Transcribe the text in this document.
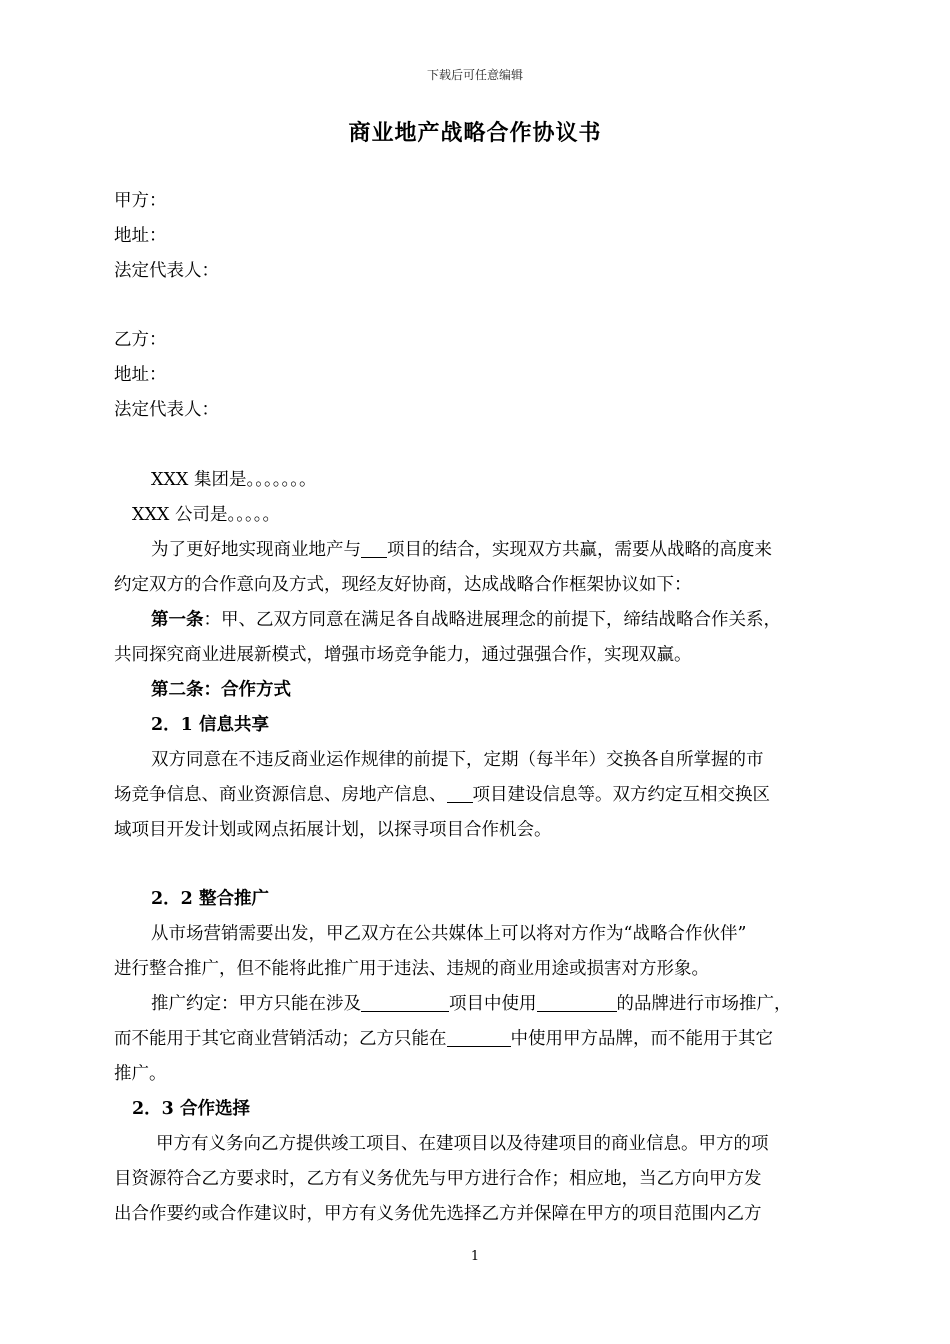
下载后可任意编辑
商业地产战略合作协议书
甲方：
地址：
法定代表人：
乙方：
地址：
法定代表人：
XXX 集团是。。。。。。。
XXX 公司是。。。。。
为了更好地实现商业地产与 项目的结合，实现双方共赢，需要从战略的高度来
约定双方的合作意向及方式，现经友好协商，达成战略合作框架协议如下：
第一条：甲、乙双方同意在满足各自战略进展理念的前提下，缔结战略合作关系，
共同探究商业进展新模式，增强市场竞争能力，通过强强合作，实现双赢。
第二条：合作方式
2．1 信息共享
双方同意在不违反商业运作规律的前提下，定期（每半年）交换各自所掌握的市
场竞争信息、商业资源信息、房地产信息、 项目建设信息等。双方约定互相交换区
域项目开发计划或网点拓展计划，以探寻项目合作机会。
2．2 整合推广
从市场营销需要出发，甲乙双方在公共媒体上可以将对方作为“战略合作伙伴”
进行整合推广，但不能将此推广用于违法、违规的商业用途或损害对方形象。
推广约定：甲方只能在涉及	项目中使用	的品牌进行市场推广，
而不能用于其它商业营销活动；乙方只能在	中使用甲方品牌，而不能用于其它
推广。
2．3 合作选择
甲方有义务向乙方提供竣工项目、在建项目以及待建项目的商业信息。甲方的项
目资源符合乙方要求时，乙方有义务优先与甲方进行合作；相应地，当乙方向甲方发
出合作要约或合作建议时，甲方有义务优先选择乙方并保障在甲方的项目范围内乙方
1
